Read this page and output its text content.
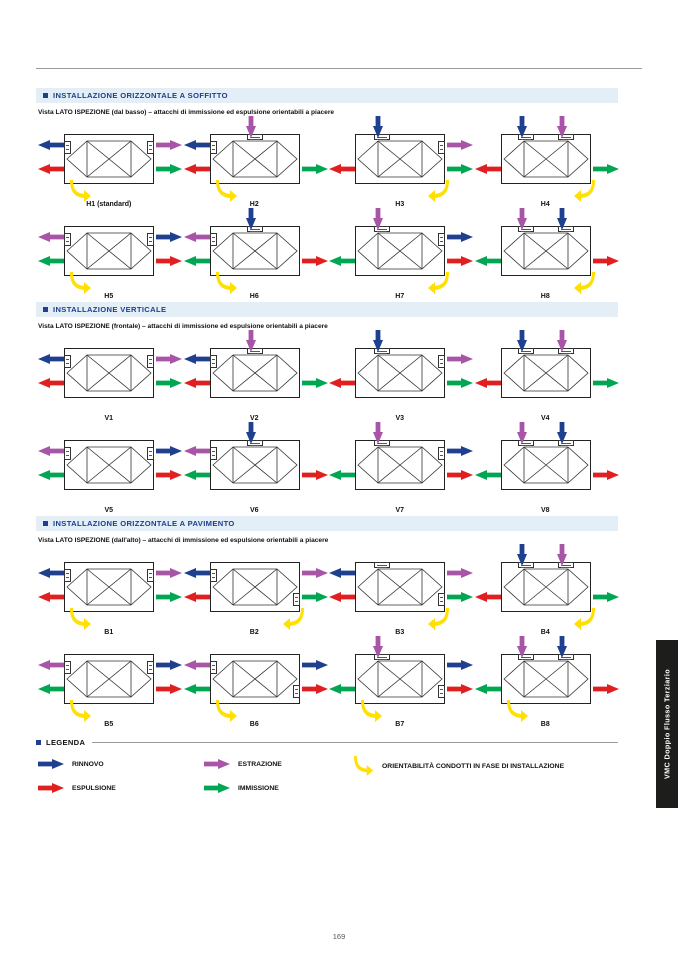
INSTALLAZIONE ORIZZONTALE A SOFFITTO
Vista LATO ISPEZIONE (dal basso) – attacchi di immissione ed espulsione orientabili a piacere
H1 (standard)	H2	H3	H4
H5	H6	H7	H8
INSTALLAZIONE VERTICALE
Vista LATO ISPEZIONE (frontale) – attacchi di immissione ed espulsione orientabili a piacere
V1	V2	V3	V4
V5	V6	V7	V8
INSTALLAZIONE ORIZZONTALE A PAVIMENTO
Vista LATO ISPEZIONE (dall'alto) – attacchi di immissione ed espulsione orientabili a piacere
B1	B2	B3	B4
B5	B6	B7	B8
LEGENDA
RINNOVO
ESPULSIONE
ESTRAZIONE
IMMISSIONE
ORIENTABILITÀ CONDOTTI IN FASE DI INSTALLAZIONE	VMC Doppio Flusso Terziario
169
